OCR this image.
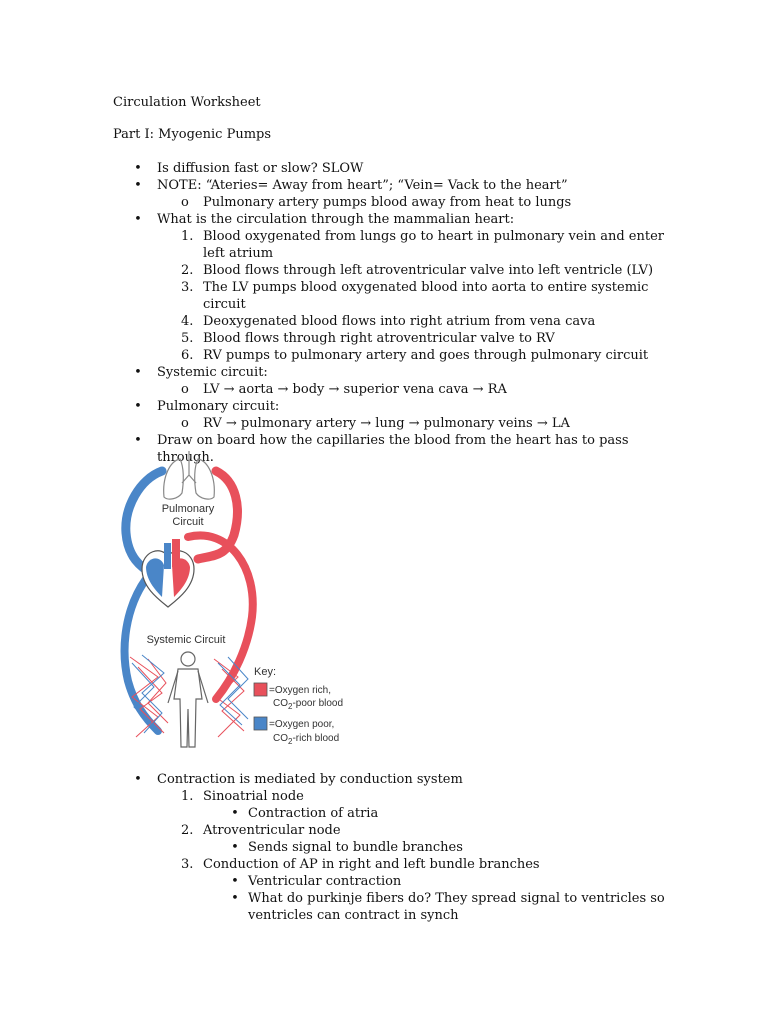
Circulation Worksheet
Part I: Myogenic Pumps
• Is diffusion fast or slow? SLOW
• NOTE: “Ateries= Away from heart”; “Vein= Vack to the heart”
o	Pulmonary artery pumps blood away from heat to lungs
• What is the circulation through the mammalian heart:
1. Blood oxygenated from lungs go to heart in pulmonary vein and enter left atrium
2. Blood flows through left atroventricular valve into left ventricle (LV)
3. The LV pumps blood oxygenated blood into aorta to entire systemic circuit
4. Deoxygenated blood flows into right atrium from vena cava
5. Blood flows through right atroventricular valve to RV
6. RV pumps to pulmonary artery and goes through pulmonary circuit
• Systemic circuit:
o	LV → aorta → body → superior vena cava → RA
• Pulmonary circuit:
o	RV → pulmonary artery → lung → pulmonary veins → LA
• Draw on board how the capillaries the blood from the heart has to pass through.
Pulmonary
Circuit
Systemic Circuit
Key:
=Oxygen rich,
$CO_2$-poor blood
=Oxygen poor,
$CO_2$-rich blood
• Contraction is mediated by conduction system
1. Sinoatrial node
• Contraction of atria
2. Atroventricular node
• Sends signal to bundle branches
3. Conduction of AP in right and left bundle branches
• Ventricular contraction
• What do purkinje fibers do? They spread signal to ventricles so ventricles can contract in synch
